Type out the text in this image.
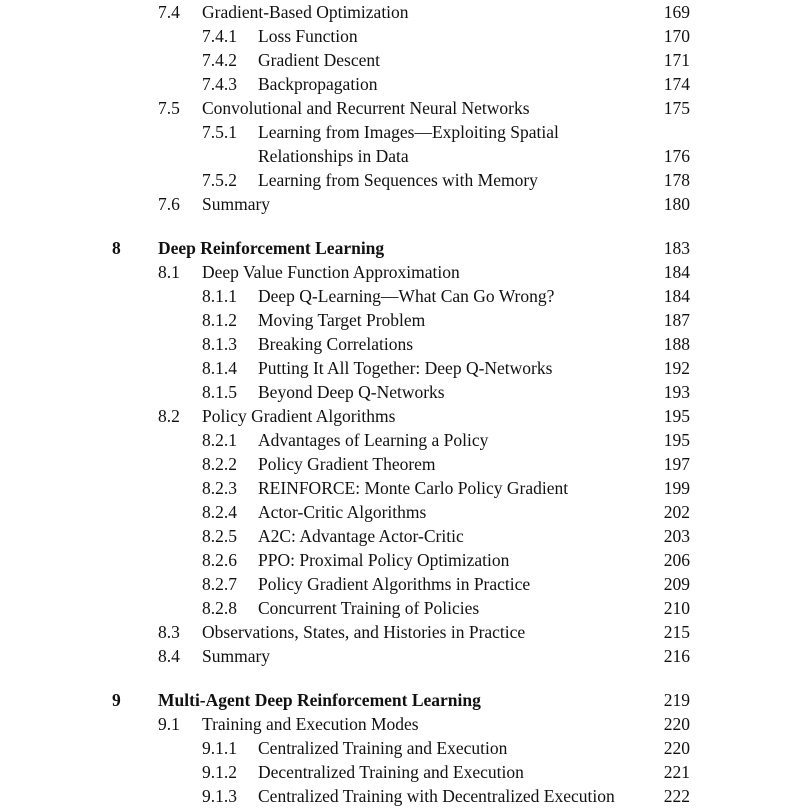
7.4 Gradient-Based Optimization	169
7.4.1 Loss Function	170
7.4.2 Gradient Descent	171
7.4.3 Backpropagation	174
7.5 Convolutional and Recurrent Neural Networks	175
7.5.1 Learning from Images—Exploiting Spatial
Relationships in Data	176
7.5.2 Learning from Sequences with Memory	178
7.6 Summary	180
8 Deep Reinforcement Learning	183
8.1 Deep Value Function Approximation	184
8.1.1 Deep Q-Learning—What Can Go Wrong?	184
8.1.2 Moving Target Problem	187
8.1.3 Breaking Correlations	188
8.1.4 Putting It All Together: Deep Q-Networks	192
8.1.5 Beyond Deep Q-Networks	193
8.2 Policy Gradient Algorithms	195
8.2.1 Advantages of Learning a Policy	195
8.2.2 Policy Gradient Theorem	197
8.2.3 REINFORCE: Monte Carlo Policy Gradient	199
8.2.4 Actor-Critic Algorithms	202
8.2.5 A2C: Advantage Actor-Critic	203
8.2.6 PPO: Proximal Policy Optimization	206
8.2.7 Policy Gradient Algorithms in Practice	209
8.2.8 Concurrent Training of Policies	210
8.3 Observations, States, and Histories in Practice	215
8.4 Summary	216
9 Multi-Agent Deep Reinforcement Learning	219
9.1 Training and Execution Modes	220
9.1.1 Centralized Training and Execution	220
9.1.2 Decentralized Training and Execution	221
9.1.3 Centralized Training with Decentralized Execution	222
